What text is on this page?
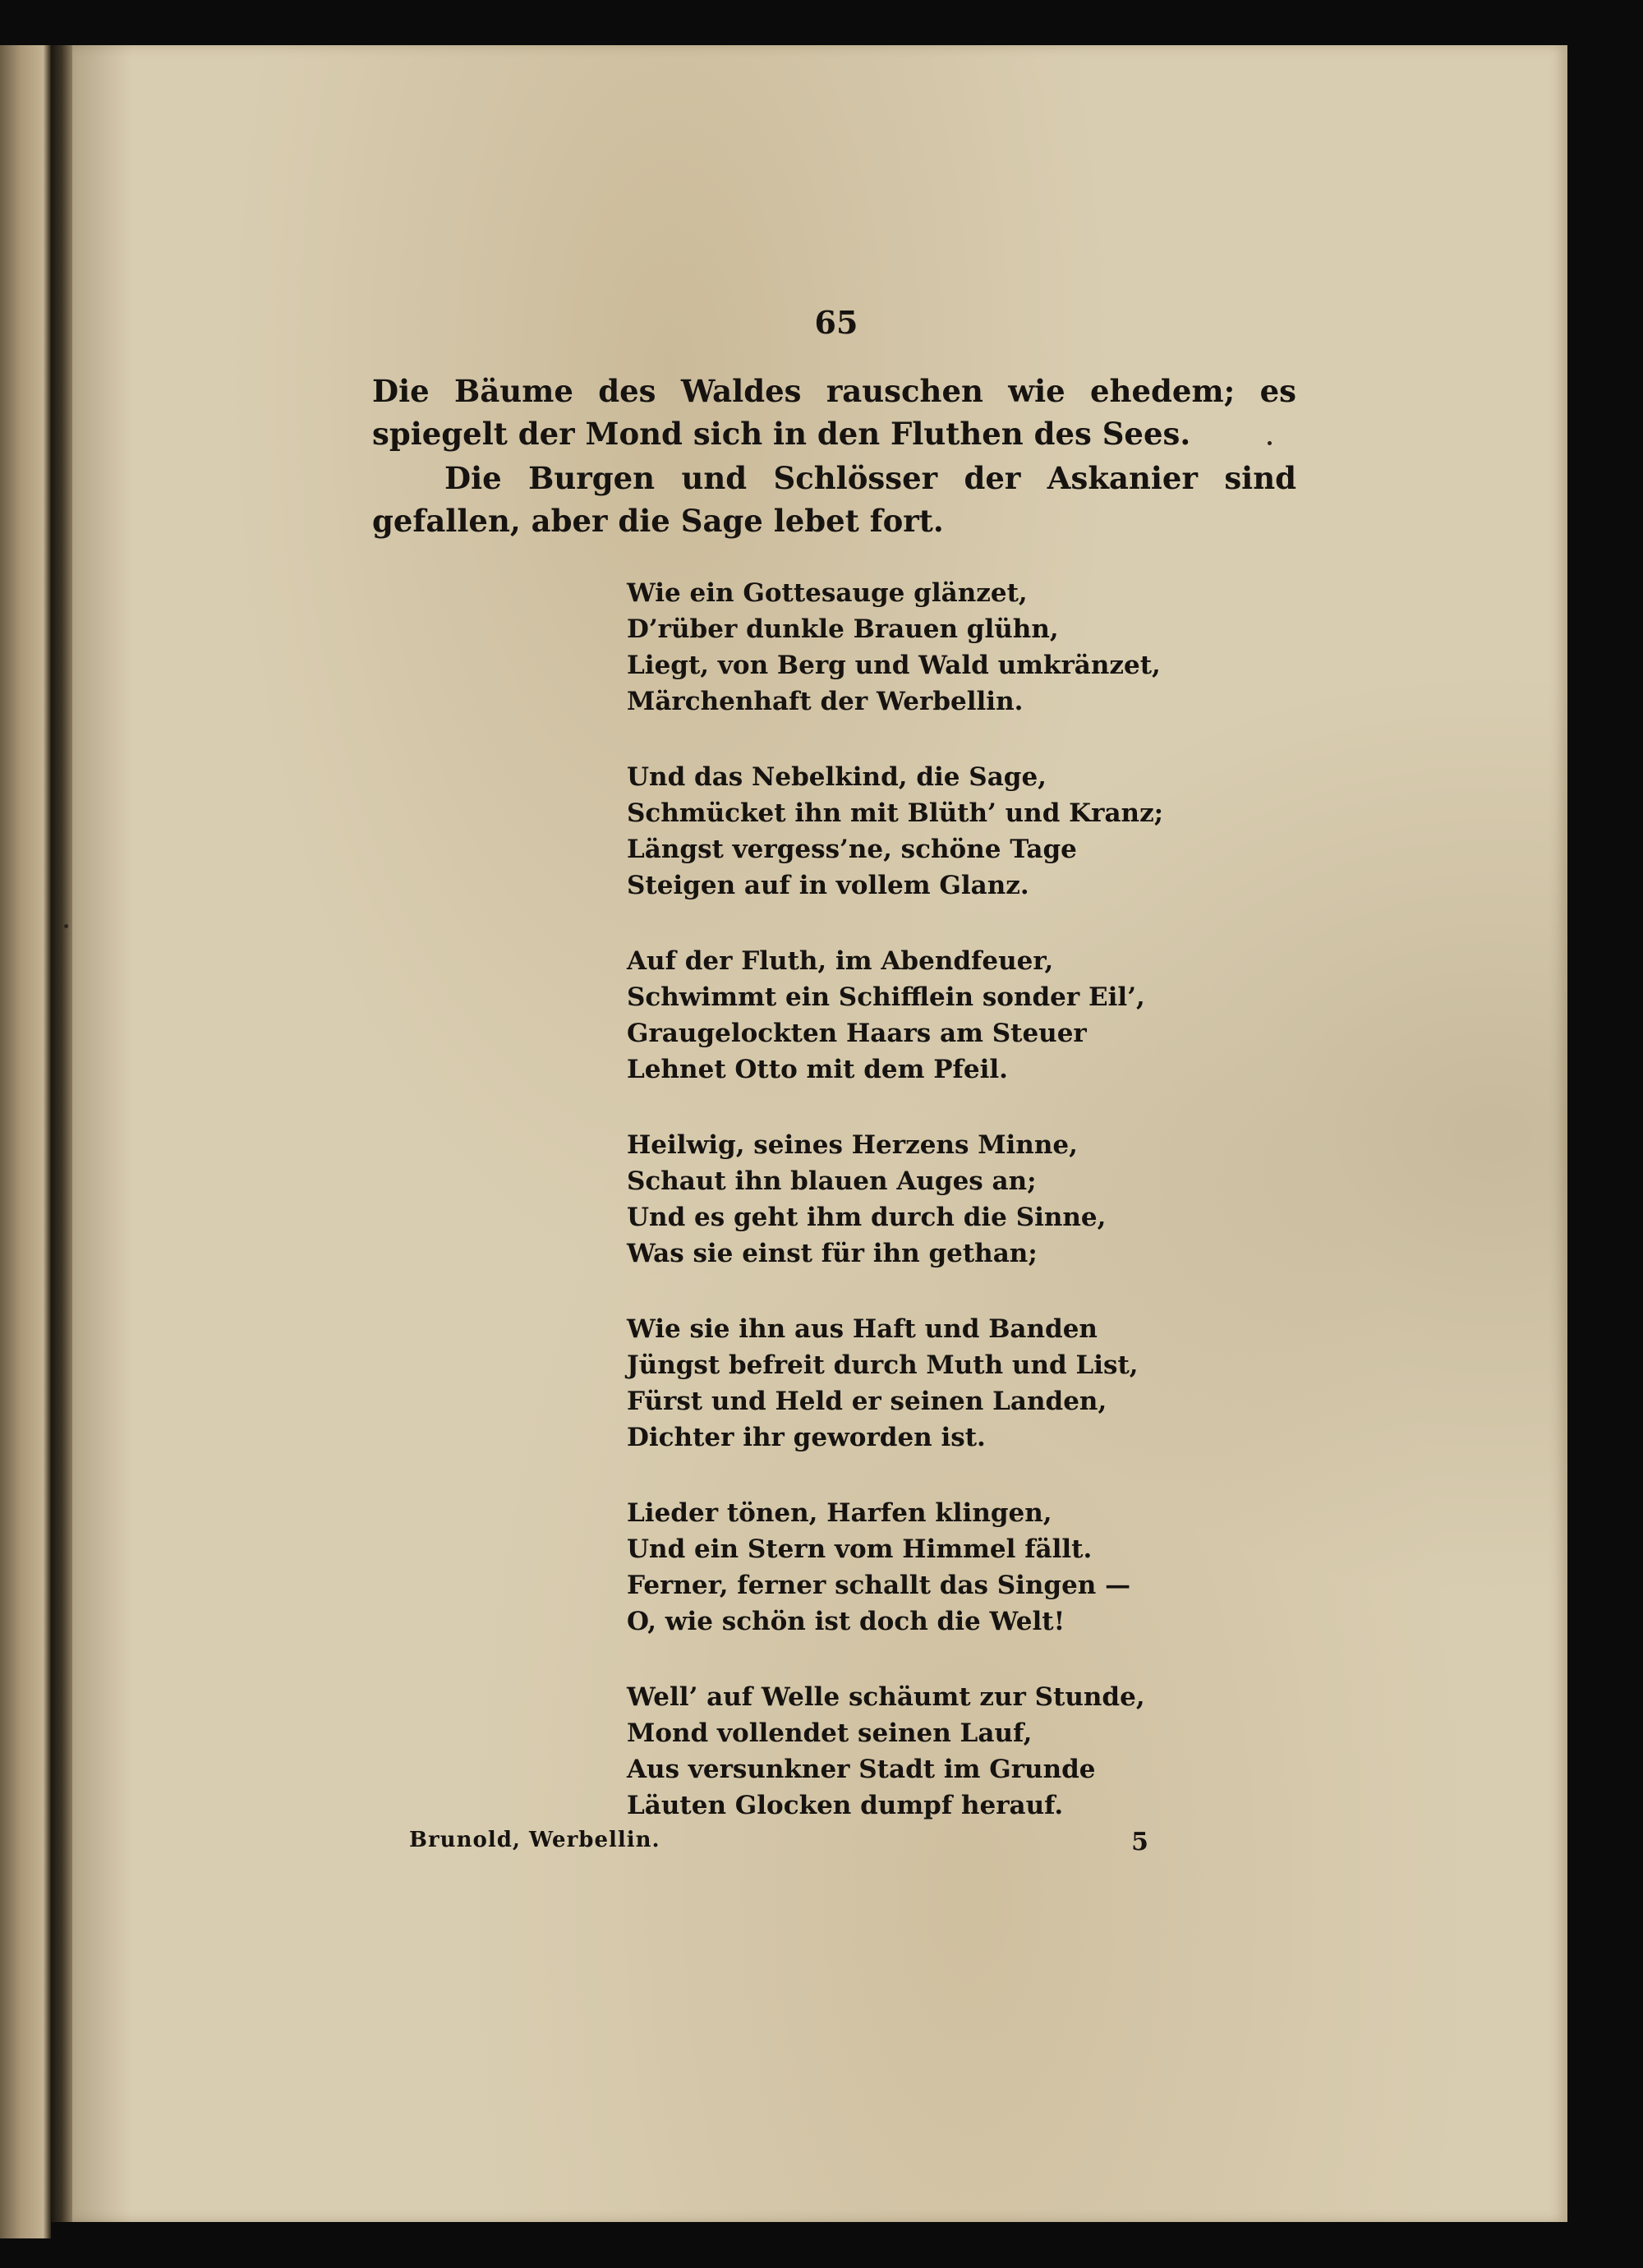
65

Die Bäume des Waldes rauschen wie ehedem; es spiegelt der Mond sich in den Fluthen des Sees.

Die Burgen und Schlösser der Askanier sind gefallen, aber die Sage lebet fort.

Wie ein Gottesauge glänzet,
D’rüber dunkle Brauen glühn,
Liegt, von Berg und Wald umkränzet,
Märchenhaft der Werbellin.
Und das Nebelkind, die Sage,
Schmücket ihn mit Blüth’ und Kranz;
Längst vergess’ne, schöne Tage
Steigen auf in vollem Glanz.
Auf der Fluth, im Abendfeuer,
Schwimmt ein Schifflein sonder Eil’,
Graugelockten Haars am Steuer
Lehnet Otto mit dem Pfeil.
Heilwig, seines Herzens Minne,
Schaut ihn blauen Auges an;
Und es geht ihm durch die Sinne,
Was sie einst für ihn gethan;
Wie sie ihn aus Haft und Banden
Jüngst befreit durch Muth und List,
Fürst und Held er seinen Landen,
Dichter ihr geworden ist.
Lieder tönen, Harfen klingen,
Und ein Stern vom Himmel fällt.
Ferner, ferner schallt das Singen —
O, wie schön ist doch die Welt!
Well’ auf Welle schäumt zur Stunde,
Mond vollendet seinen Lauf,
Aus versunkner Stadt im Grunde
Läuten Glocken dumpf herauf.
Brunold, Werbellin.	5
